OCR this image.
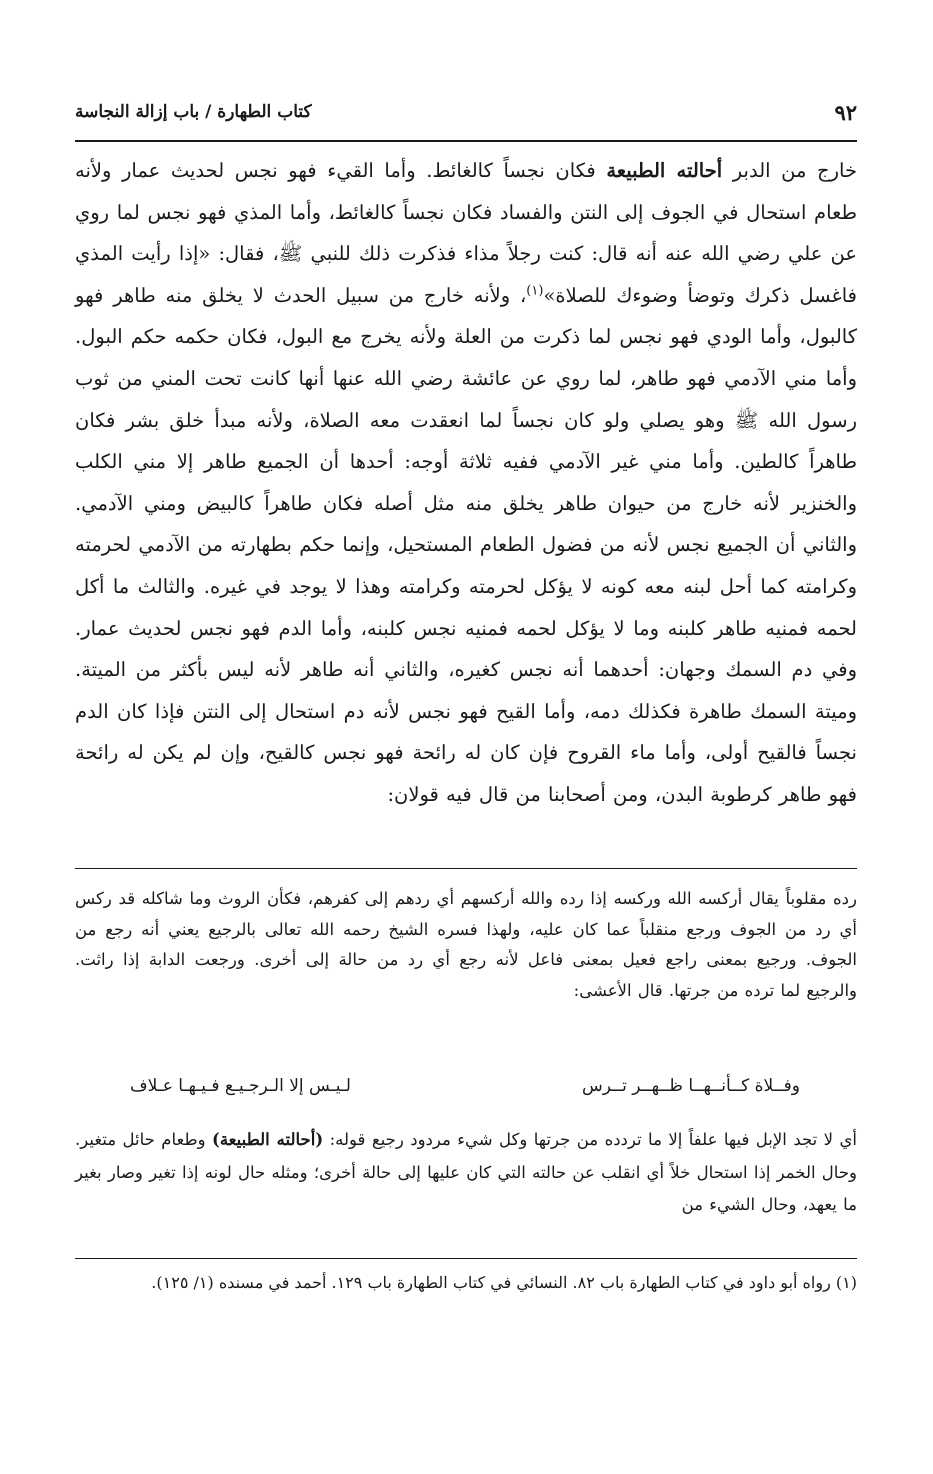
٩٢
كتاب الطهارة / باب إزالة النجاسة

خارج من الدبر أحالته الطبيعة فكان نجساً كالغائط. وأما القيء فهو نجس لحديث عمار ولأنه طعام استحال في الجوف إلى النتن والفساد فكان نجساً كالغائط، وأما المذي فهو نجس لما روي عن علي رضي الله عنه أنه قال: كنت رجلاً مذاء فذكرت ذلك للنبي ﷺ، فقال: «إذا رأيت المذي فاغسل ذكرك وتوضأ وضوءك للصلاة»$^{(١)}$، ولأنه خارج من سبيل الحدث لا يخلق منه طاهر فهو كالبول، وأما الودي فهو نجس لما ذكرت من العلة ولأنه يخرج مع البول، فكان حكمه حكم البول. وأما مني الآدمي فهو طاهر، لما روي عن عائشة رضي الله عنها أنها كانت تحت المني من ثوب رسول الله ﷺ وهو يصلي ولو كان نجساً لما انعقدت معه الصلاة، ولأنه مبدأ خلق بشر فكان طاهراً كالطين. وأما مني غير الآدمي ففيه ثلاثة أوجه: أحدها أن الجميع طاهر إلا مني الكلب والخنزير لأنه خارج من حيوان طاهر يخلق منه مثل أصله فكان طاهراً كالبيض ومني الآدمي. والثاني أن الجميع نجس لأنه من فضول الطعام المستحيل، وإنما حكم بطهارته من الآدمي لحرمته وكرامته كما أحل لبنه معه كونه لا يؤكل لحرمته وكرامته وهذا لا يوجد في غيره. والثالث ما أكل لحمه فمنيه طاهر كلبنه وما لا يؤكل لحمه فمنيه نجس كلبنه، وأما الدم فهو نجس لحديث عمار. وفي دم السمك وجهان: أحدهما أنه نجس كغيره، والثاني أنه طاهر لأنه ليس بأكثر من الميتة. وميتة السمك طاهرة فكذلك دمه، وأما القيح فهو نجس لأنه دم استحال إلى النتن فإذا كان الدم نجساً فالقيح أولى، وأما ماء القروح فإن كان له رائحة فهو نجس كالقيح، وإن لم يكن له رائحة فهو طاهر كرطوبة البدن، ومن أصحابنا من قال فيه قولان:

رده مقلوباً يقال أركسه الله وركسه إذا رده والله أركسهم أي ردهم إلى كفرهم، فكأن الروث وما شاكله قد ركس أي رد من الجوف ورجع منقلباً عما كان عليه، ولهذا فسره الشيخ رحمه الله تعالى بالرجيع يعني أنه رجع من الجوف. ورجيع بمعنى راجع فعيل بمعنى فاعل لأنه رجع أي رد من حالة إلى أخرى. ورجعت الدابة إذا راثت. والرجيع لما ترده من جرتها. قال الأعشى:

وفــلاة كــأنــهــا ظــهــر تــرس
لـيـس إلا الـرجـيـع فـيـهـا عـلاف

أي لا تجد الإبل فيها علفاً إلا ما تردده من جرتها وكل شيء مردود رجيع قوله: (أحالته الطبيعة) وطعام حائل متغير. وحال الخمر إذا استحال خلاً أي انقلب عن حالته التي كان عليها إلى حالة أخرى؛ ومثله حال لونه إذا تغير وصار بغير ما يعهد، وحال الشيء من

(١) رواه أبو داود في كتاب الطهارة باب ٨٢. النسائي في كتاب الطهارة باب ١٢٩. أحمد في مسنده (١/ ١٢٥).
